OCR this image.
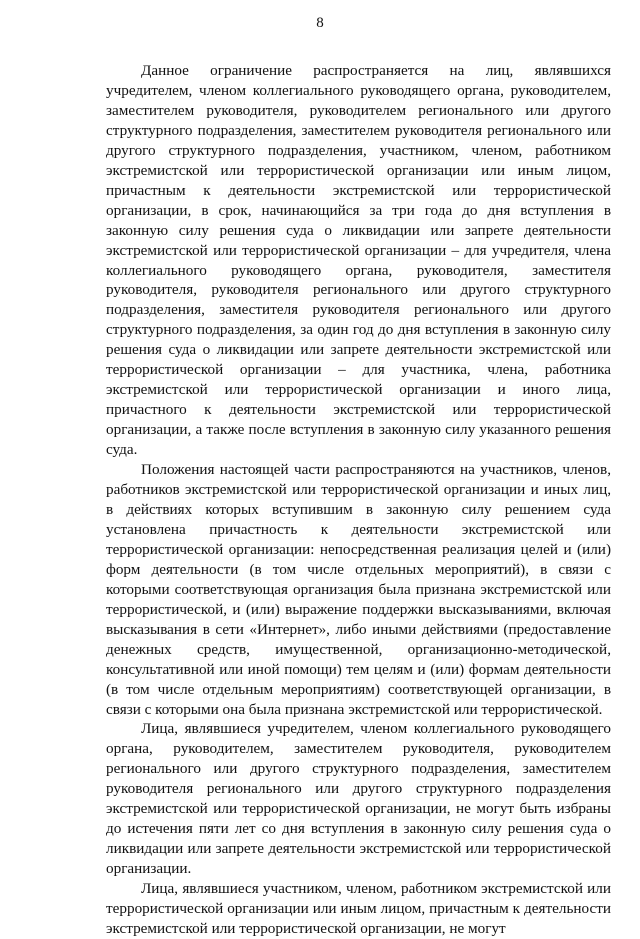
8

Данное ограничение распространяется на лиц, являвшихся учредителем, членом коллегиального руководящего органа, руководителем, заместителем руководителя, руководителем регионального или другого структурного подразделения, заместителем руководителя регионального или другого структурного подразделения, участником, членом, работником экстремистской или террористической организации или иным лицом, причастным к деятельности экстремистской или террористической организации, в срок, начинающийся за три года до дня вступления в законную силу решения суда о ликвидации или запрете деятельности экстремистской или террористической организации – для учредителя, члена коллегиального руководящего органа, руководителя, заместителя руководителя, руководителя регионального или другого структурного подразделения, заместителя руководителя регионального или другого структурного подразделения, за один год до дня вступления в законную силу решения суда о ликвидации или запрете деятельности экстремистской или террористической организации – для участника, члена, работника экстремистской или террористической организации и иного лица, причастного к деятельности экстремистской или террористической организации, а также после вступления в законную силу указанного решения суда.

Положения настоящей части распространяются на участников, членов, работников экстремистской или террористической организации и иных лиц, в действиях которых вступившим в законную силу решением суда установлена причастность к деятельности экстремистской или террористической организации: непосредственная реализация целей и (или) форм деятельности (в том числе отдельных мероприятий), в связи с которыми соответствующая организация была признана экстремистской или террористической, и (или) выражение поддержки высказываниями, включая высказывания в сети «Интернет», либо иными действиями (предоставление денежных средств, имущественной, организационно-методической, консультативной или иной помощи) тем целям и (или) формам деятельности (в том числе отдельным мероприятиям) соответствующей организации, в связи с которыми она была признана экстремистской или террористической.

Лица, являвшиеся учредителем, членом коллегиального руководящего органа, руководителем, заместителем руководителя, руководителем регионального или другого структурного подразделения, заместителем руководителя регионального или другого структурного подразделения экстремистской или террористической организации, не могут быть избраны до истечения пяти лет со дня вступления в законную силу решения суда о ликвидации или запрете деятельности экстремистской или террористической организации.

Лица, являвшиеся участником, членом, работником экстремистской или террористической организации или иным лицом, причастным к деятельности экстремистской или террористической организации, не могут
